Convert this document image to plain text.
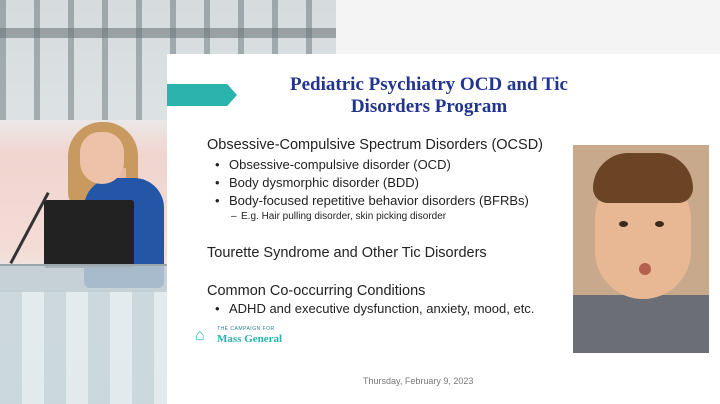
Pediatric Psychiatry OCD and Tic Disorders Program

Obsessive-Compulsive Spectrum Disorders (OCSD)

• Obsessive-compulsive disorder (OCD)

• Body dysmorphic disorder (BDD)

• Body-focused repetitive behavior disorders (BFRBs)

– E.g. Hair pulling disorder, skin picking disorder

Tourette Syndrome and Other Tic Disorders

Common Co-occurring Conditions

• ADHD and executive dysfunction, anxiety, mood, etc.

⌂	THE CAMPAIGN FOR
Mass General
Thursday, February 9, 2023
